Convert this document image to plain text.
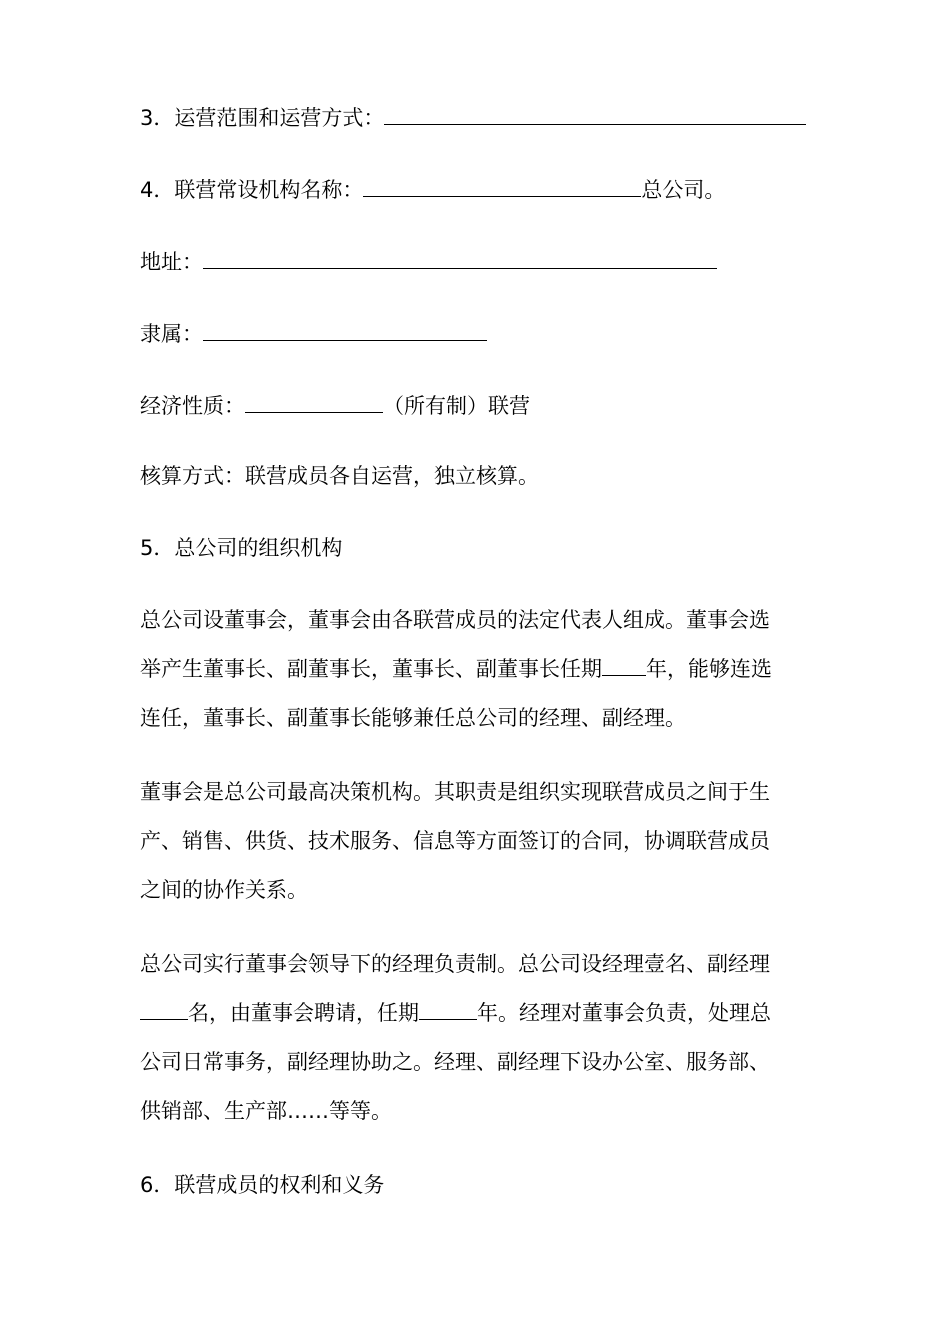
3．运营范围和运营方式：

4．联营常设机构名称：	总公司。

地址：

隶属：

经济性质：	（所有制）联营

核算方式：联营成员各自运营，独立核算。

5．总公司的组织机构

总公司设董事会，董事会由各联营成员的法定代表人组成。董事会选
举产生董事长、副董事长，董事长、副董事长任期 年，能够连选
连任，董事长、副董事长能够兼任总公司的经理、副经理。
董事会是总公司最高决策机构。其职责是组织实现联营成员之间于生
产、销售、供货、技术服务、信息等方面签订的合同，协调联营成员
之间的协作关系。
总公司实行董事会领导下的经理负责制。总公司设经理壹名、副经理
名，由董事会聘请，任期	年。经理对董事会负责，处理总
公司日常事务，副经理协助之。经理、副经理下设办公室、服务部、
供销部、生产部……等等。

6．联营成员的权利和义务
